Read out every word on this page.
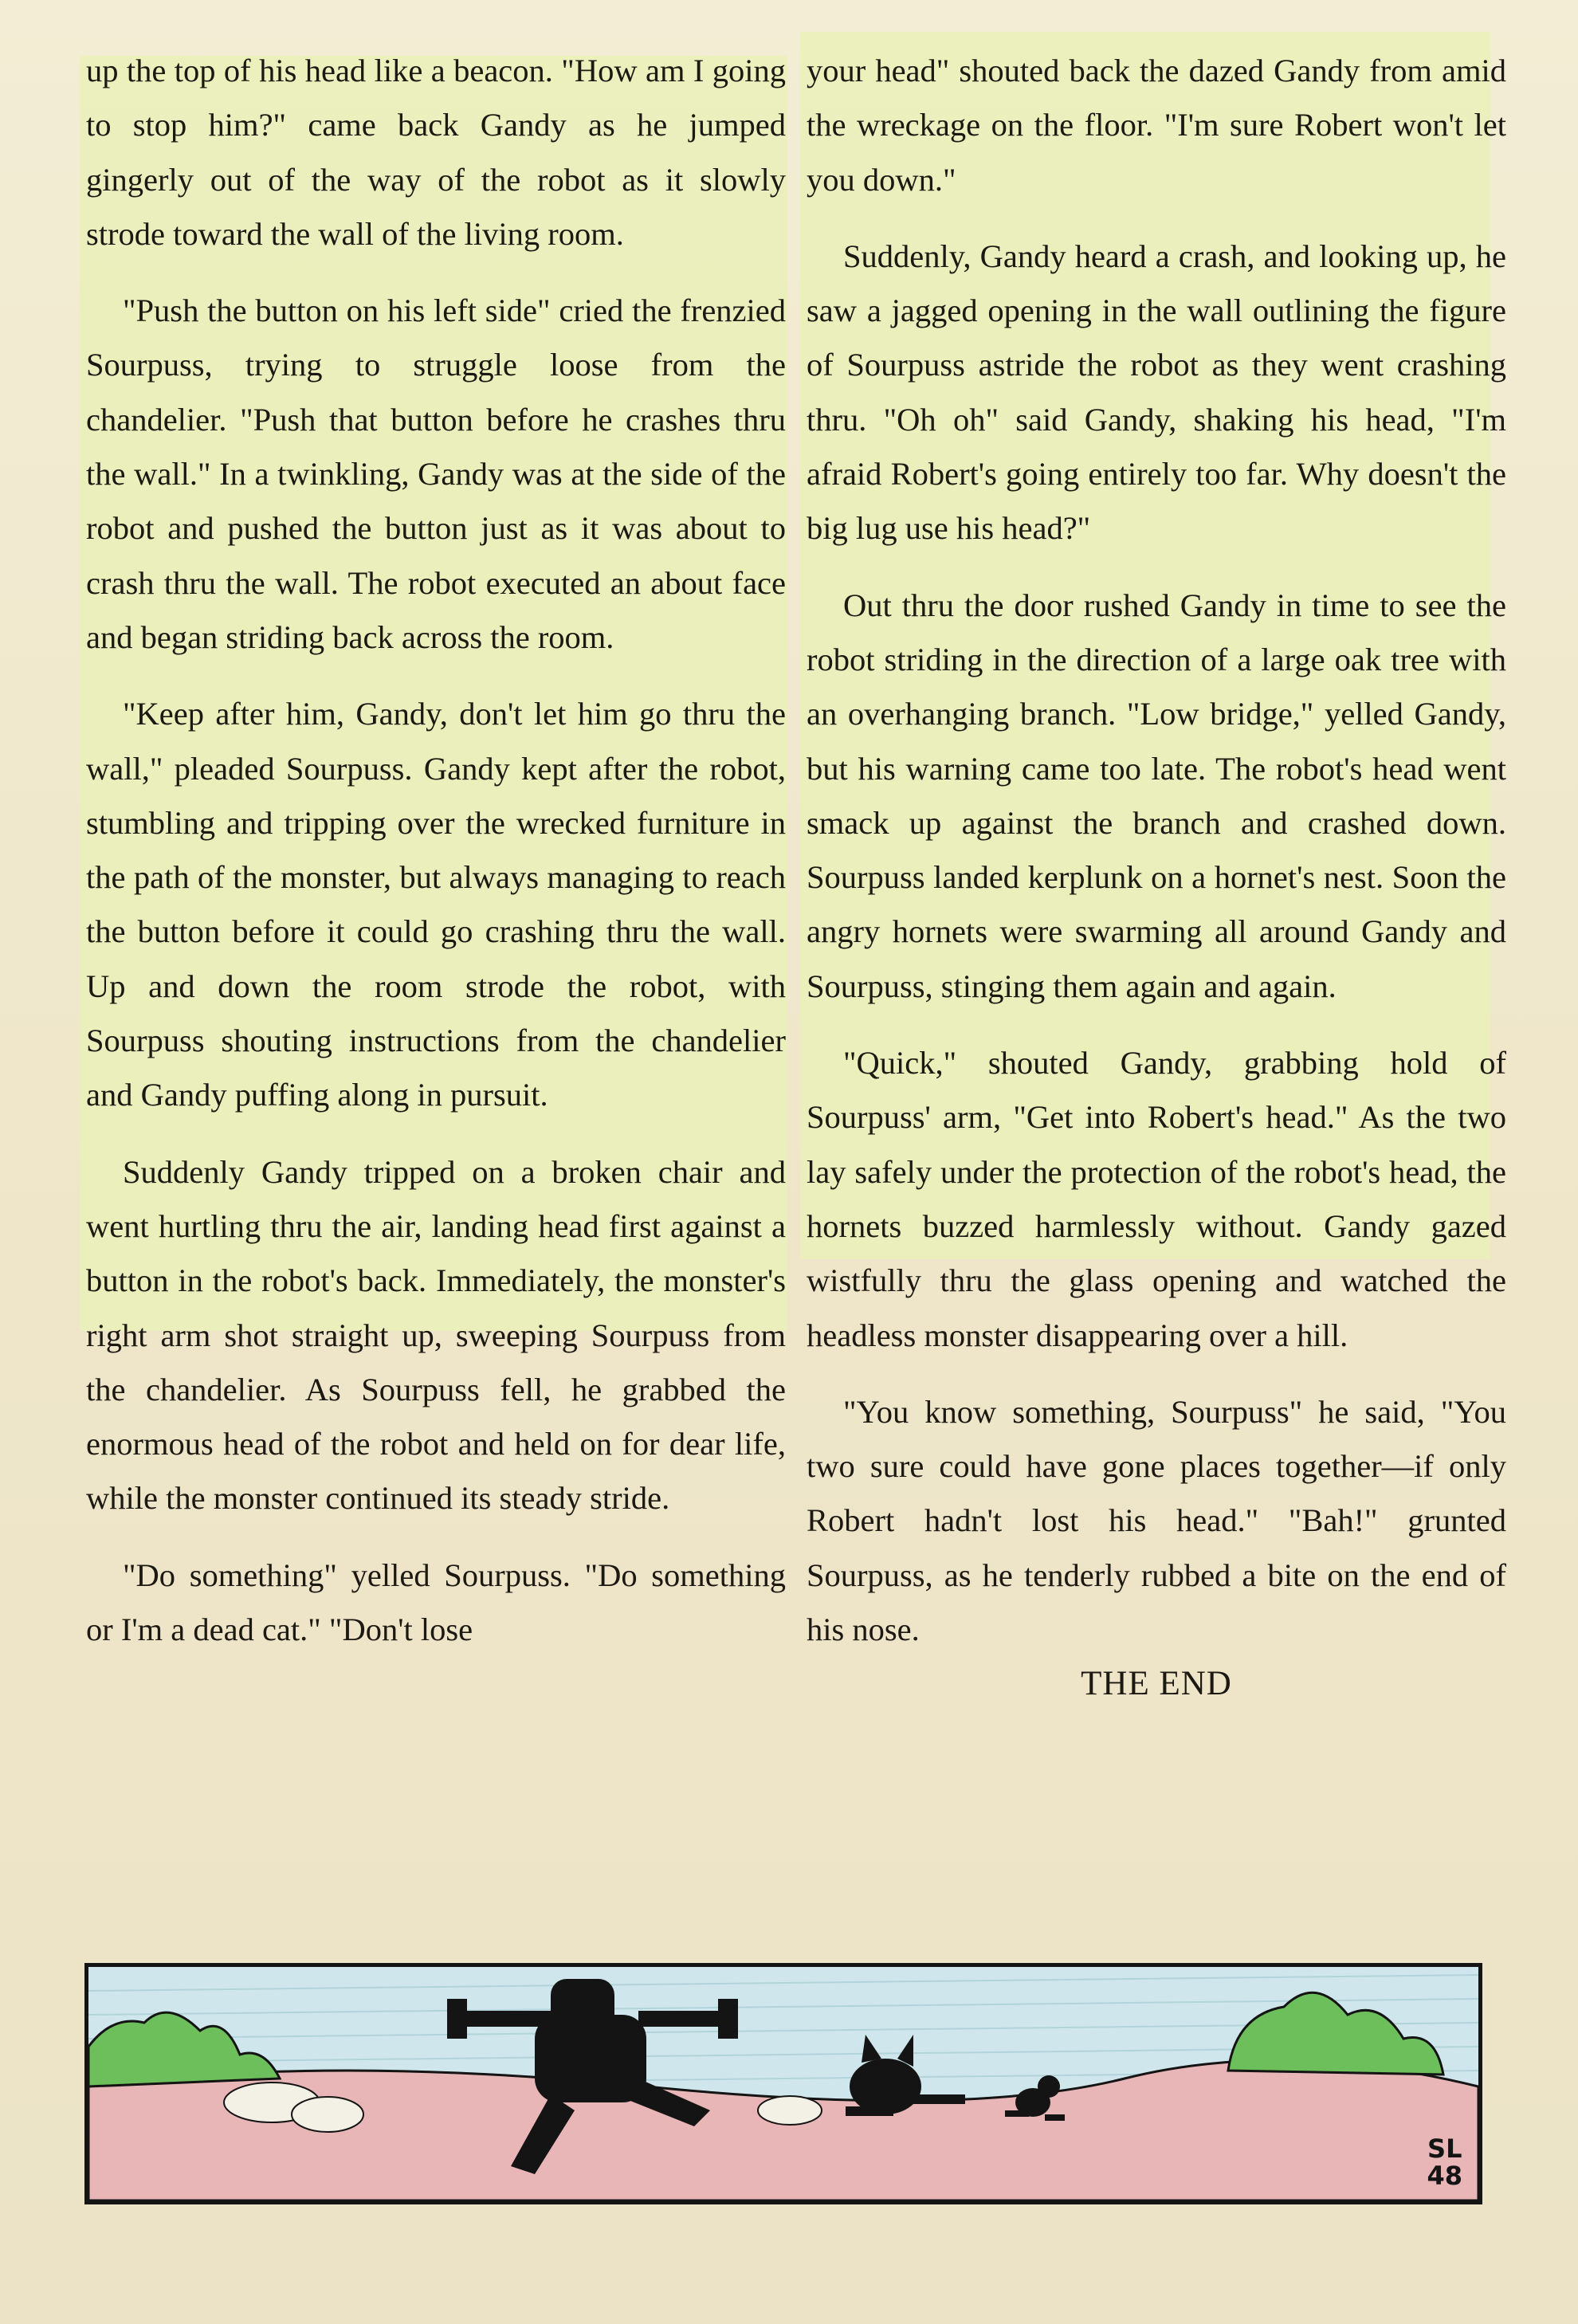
up the top of his head like a beacon. "How am I going to stop him?" came back Gandy as he jumped gingerly out of the way of the robot as it slowly strode toward the wall of the living room.

"Push the button on his left side" cried the frenzied Sourpuss, trying to struggle loose from the chandelier. "Push that button before he crashes thru the wall." In a twinkling, Gandy was at the side of the robot and pushed the button just as it was about to crash thru the wall. The robot executed an about face and began striding back across the room.

"Keep after him, Gandy, don't let him go thru the wall," pleaded Sourpuss. Gandy kept after the robot, stumbling and tripping over the wrecked furniture in the path of the monster, but always managing to reach the button before it could go crashing thru the wall. Up and down the room strode the robot, with Sourpuss shouting instructions from the chandelier and Gandy puffing along in pursuit.

Suddenly Gandy tripped on a broken chair and went hurtling thru the air, landing head first against a button in the robot's back. Immediately, the monster's right arm shot straight up, sweeping Sourpuss from the chandelier. As Sourpuss fell, he grabbed the enormous head of the robot and held on for dear life, while the monster continued its steady stride.

"Do something" yelled Sourpuss. "Do something or I'm a dead cat." "Don't lose

your head" shouted back the dazed Gandy from amid the wreckage on the floor. "I'm sure Robert won't let you down."

Suddenly, Gandy heard a crash, and looking up, he saw a jagged opening in the wall outlining the figure of Sourpuss astride the robot as they went crashing thru. "Oh oh" said Gandy, shaking his head, "I'm afraid Robert's going entirely too far. Why doesn't the big lug use his head?"

Out thru the door rushed Gandy in time to see the robot striding in the direction of a large oak tree with an overhanging branch. "Low bridge," yelled Gandy, but his warning came too late. The robot's head went smack up against the branch and crashed down. Sourpuss landed kerplunk on a hornet's nest. Soon the angry hornets were swarming all around Gandy and Sourpuss, stinging them again and again.

"Quick," shouted Gandy, grabbing hold of Sourpuss' arm, "Get into Robert's head." As the two lay safely under the protection of the robot's head, the hornets buzzed harmlessly without. Gandy gazed wistfully thru the glass opening and watched the headless monster disappearing over a hill.

"You know something, Sourpuss" he said, "You two sure could have gone places together—if only Robert hadn't lost his head." "Bah!" grunted Sourpuss, as he tenderly rubbed a bite on the end of his nose.

THE END

SL
48
